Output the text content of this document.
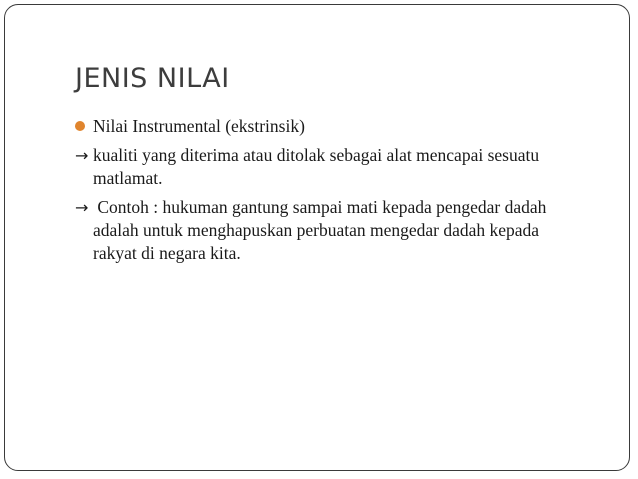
JENIS NILAI
Nilai Instrumental (ekstrinsik)
→ kualiti yang diterima atau ditolak sebagai alat mencapai sesuatu matlamat.
→ Contoh : hukuman gantung sampai mati kepada pengedar dadah adalah untuk menghapuskan perbuatan mengedar dadah kepada rakyat di negara kita.
